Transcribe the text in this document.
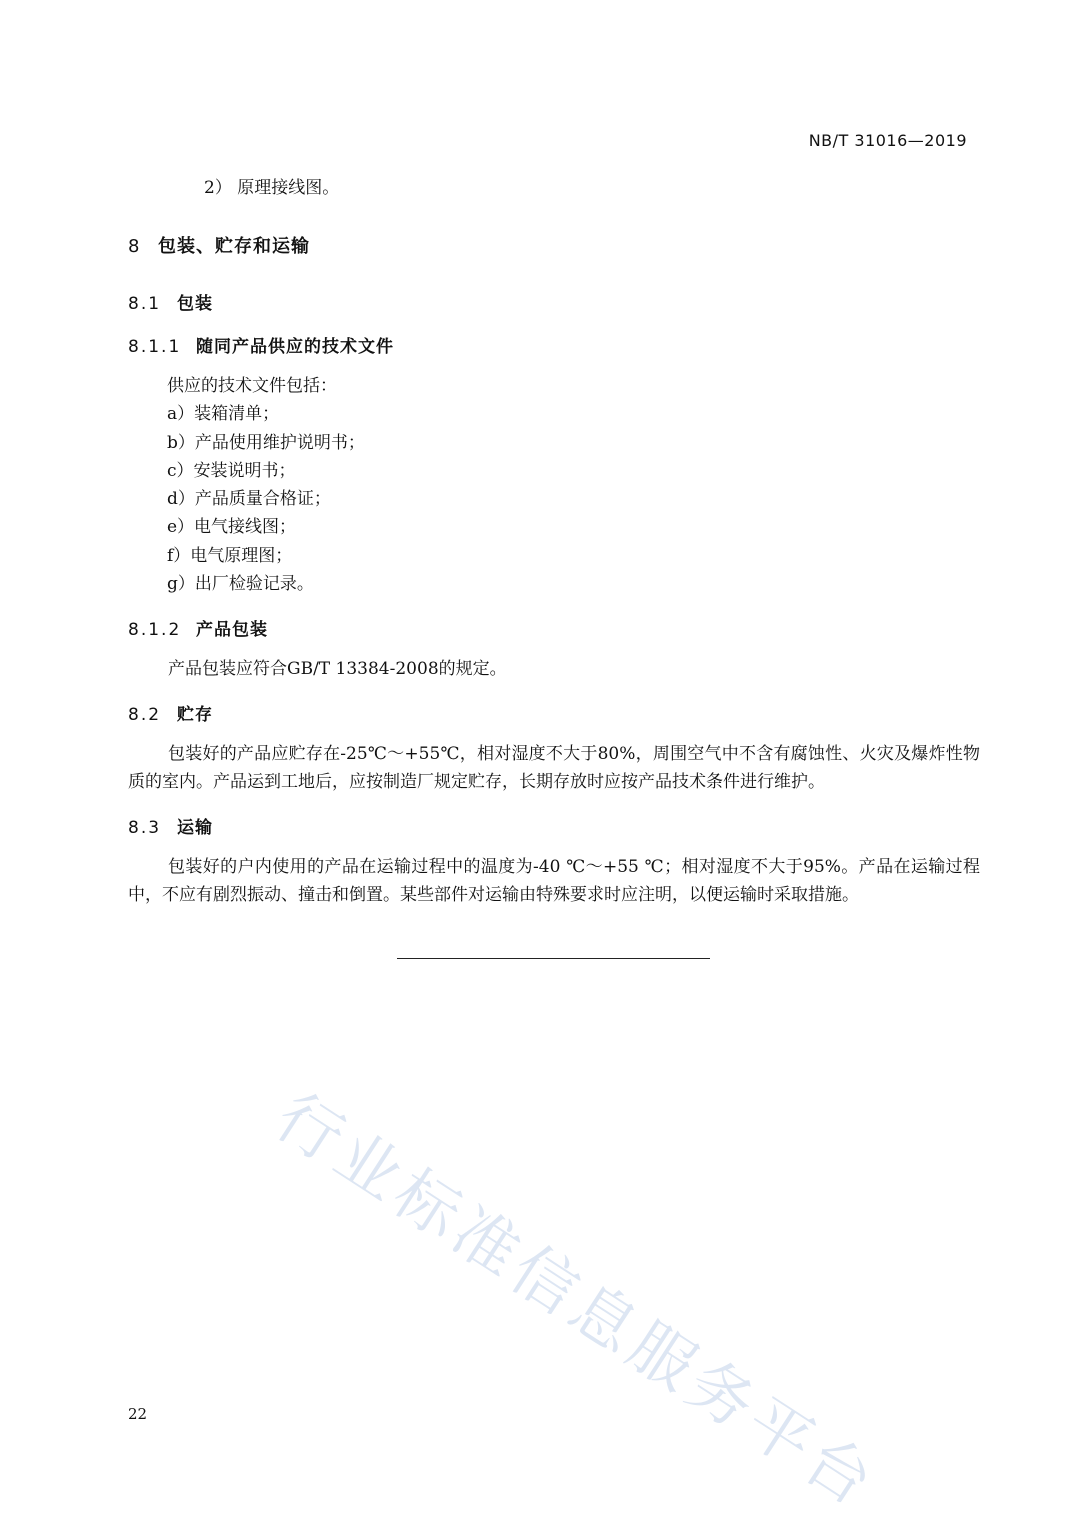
NB/T 31016—2019
2） 原理接线图。
8 包装、贮存和运输
8.1 包装
8.1.1 随同产品供应的技术文件
供应的技术文件包括：
a）装箱清单；
b）产品使用维护说明书；
c）安装说明书；
d）产品质量合格证；
e）电气接线图；
f）电气原理图；
g）出厂检验记录。
8.1.2 产品包装
产品包装应符合GB/T 13384-2008的规定。
8.2 贮存
包装好的产品应贮存在-25℃～+55℃，相对湿度不大于80%，周围空气中不含有腐蚀性、火灾及爆炸性物质的室内。产品运到工地后，应按制造厂规定贮存，长期存放时应按产品技术条件进行维护。
8.3 运输
包装好的户内使用的产品在运输过程中的温度为-40 ℃～+55 ℃；相对湿度不大于95%。产品在运输过程中，不应有剧烈振动、撞击和倒置。某些部件对运输由特殊要求时应注明，以便运输时采取措施。
行业标准信息服务平台
22
